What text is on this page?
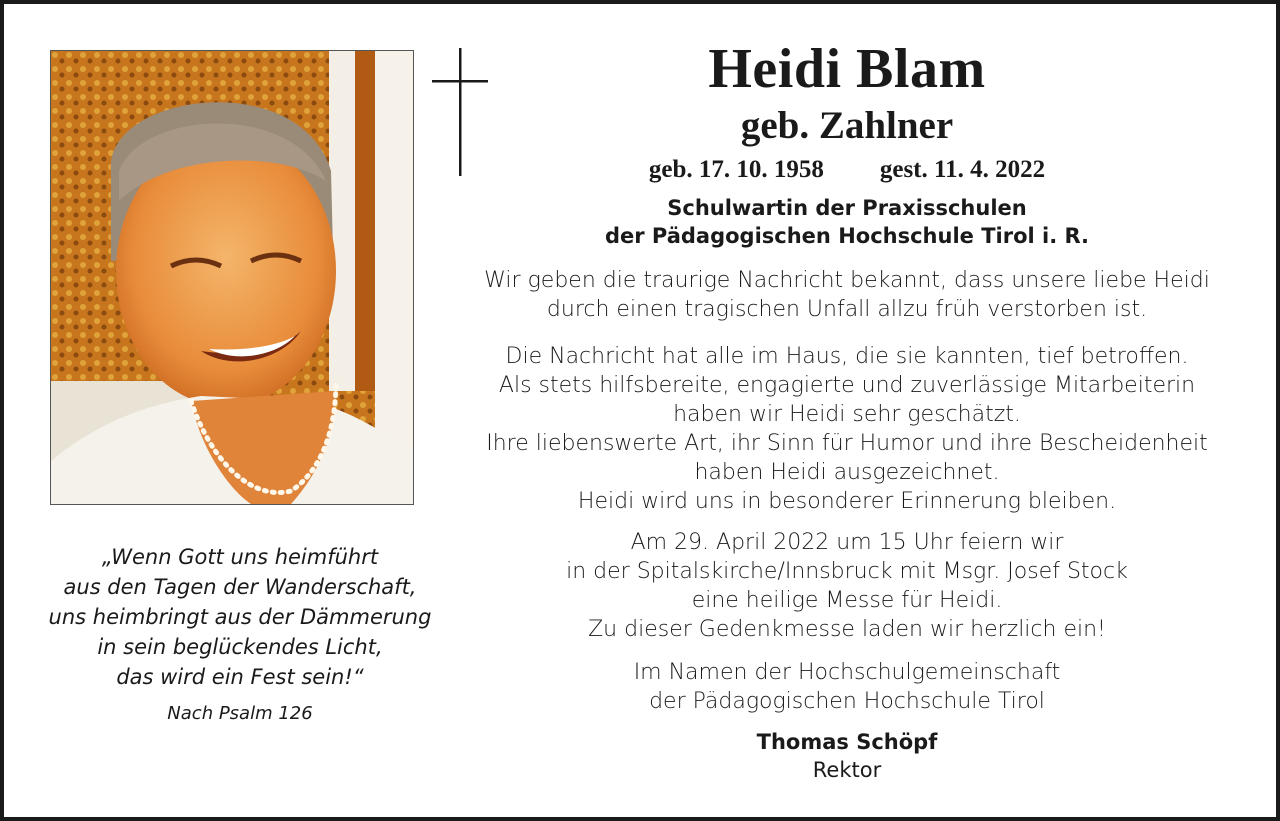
Heidi Blam
geb. Zahlner
geb. 17. 10. 1958 gest. 11. 4. 2022
Schulwartin der Praxisschulen
der Pädagogischen Hochschule Tirol i. R.
Wir geben die traurige Nachricht bekannt, dass unsere liebe Heidi
durch einen tragischen Unfall allzu früh verstorben ist.
Die Nachricht hat alle im Haus, die sie kannten, tief betroffen.
Als stets hilfsbereite, engagierte und zuverlässige Mitarbeiterin
haben wir Heidi sehr geschätzt.
Ihre liebenswerte Art, ihr Sinn für Humor und ihre Bescheidenheit
haben Heidi ausgezeichnet.
Heidi wird uns in besonderer Erinnerung bleiben.
Am 29. April 2022 um 15 Uhr feiern wir
in der Spitalskirche/Innsbruck mit Msgr. Josef Stock
eine heilige Messe für Heidi.
Zu dieser Gedenkmesse laden wir herzlich ein!
Im Namen der Hochschulgemeinschaft
der Pädagogischen Hochschule Tirol
Thomas Schöpf
Rektor
„Wenn Gott uns heimführt
aus den Tagen der Wanderschaft,
uns heimbringt aus der Dämmerung
in sein beglückendes Licht,
das wird ein Fest sein!“
Nach Psalm 126
